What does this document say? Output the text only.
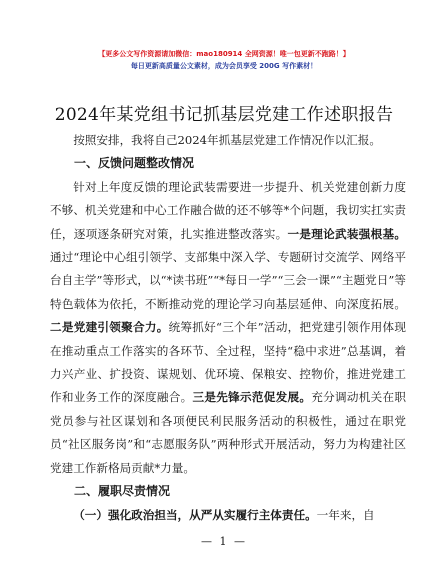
【更多公文写作资源请加微信：mao180914 全网资源！唯一包更新不跑路！】
每日更新高质量公文素材，成为会员享受 200G 写作素材！
2024年某党组书记抓基层党建工作述职报告

按照安排，我将自己2024年抓基层党建工作情况作以汇报。

一、反馈问题整改情况

针对上年度反馈的理论武装需要进一步提升、机关党建创新力度不够、机关党建和中心工作融合做的还不够等*个问题，我切实扛实责任，逐项逐条研究对策，扎实推进整改落实。一是理论武装强根基。通过“理论中心组引领学、支部集中深入学、专题研讨交流学、网络平台自主学”等形式，以“*读书班”“*每日一学”“三会一课”“主题党日”等特色载体为依托，不断推动党的理论学习向基层延伸、向深度拓展。二是党建引领聚合力。统筹抓好“三个年”活动，把党建引领作用体现在推动重点工作落实的各环节、全过程，坚持“稳中求进”总基调，着力兴产业、扩投资、谋规划、优环境、保粮安、控物价，推进党建工作和业务工作的深度融合。三是先锋示范促发展。充分调动机关在职党员参与社区谋划和各项便民利民服务活动的积极性，通过在职党员“社区服务岗”和“志愿服务队”两种形式开展活动，努力为构建社区党建工作新格局贡献*力量。

二、履职尽责情况

（一）强化政治担当，从严从实履行主体责任。一年来，自

— 1 —
